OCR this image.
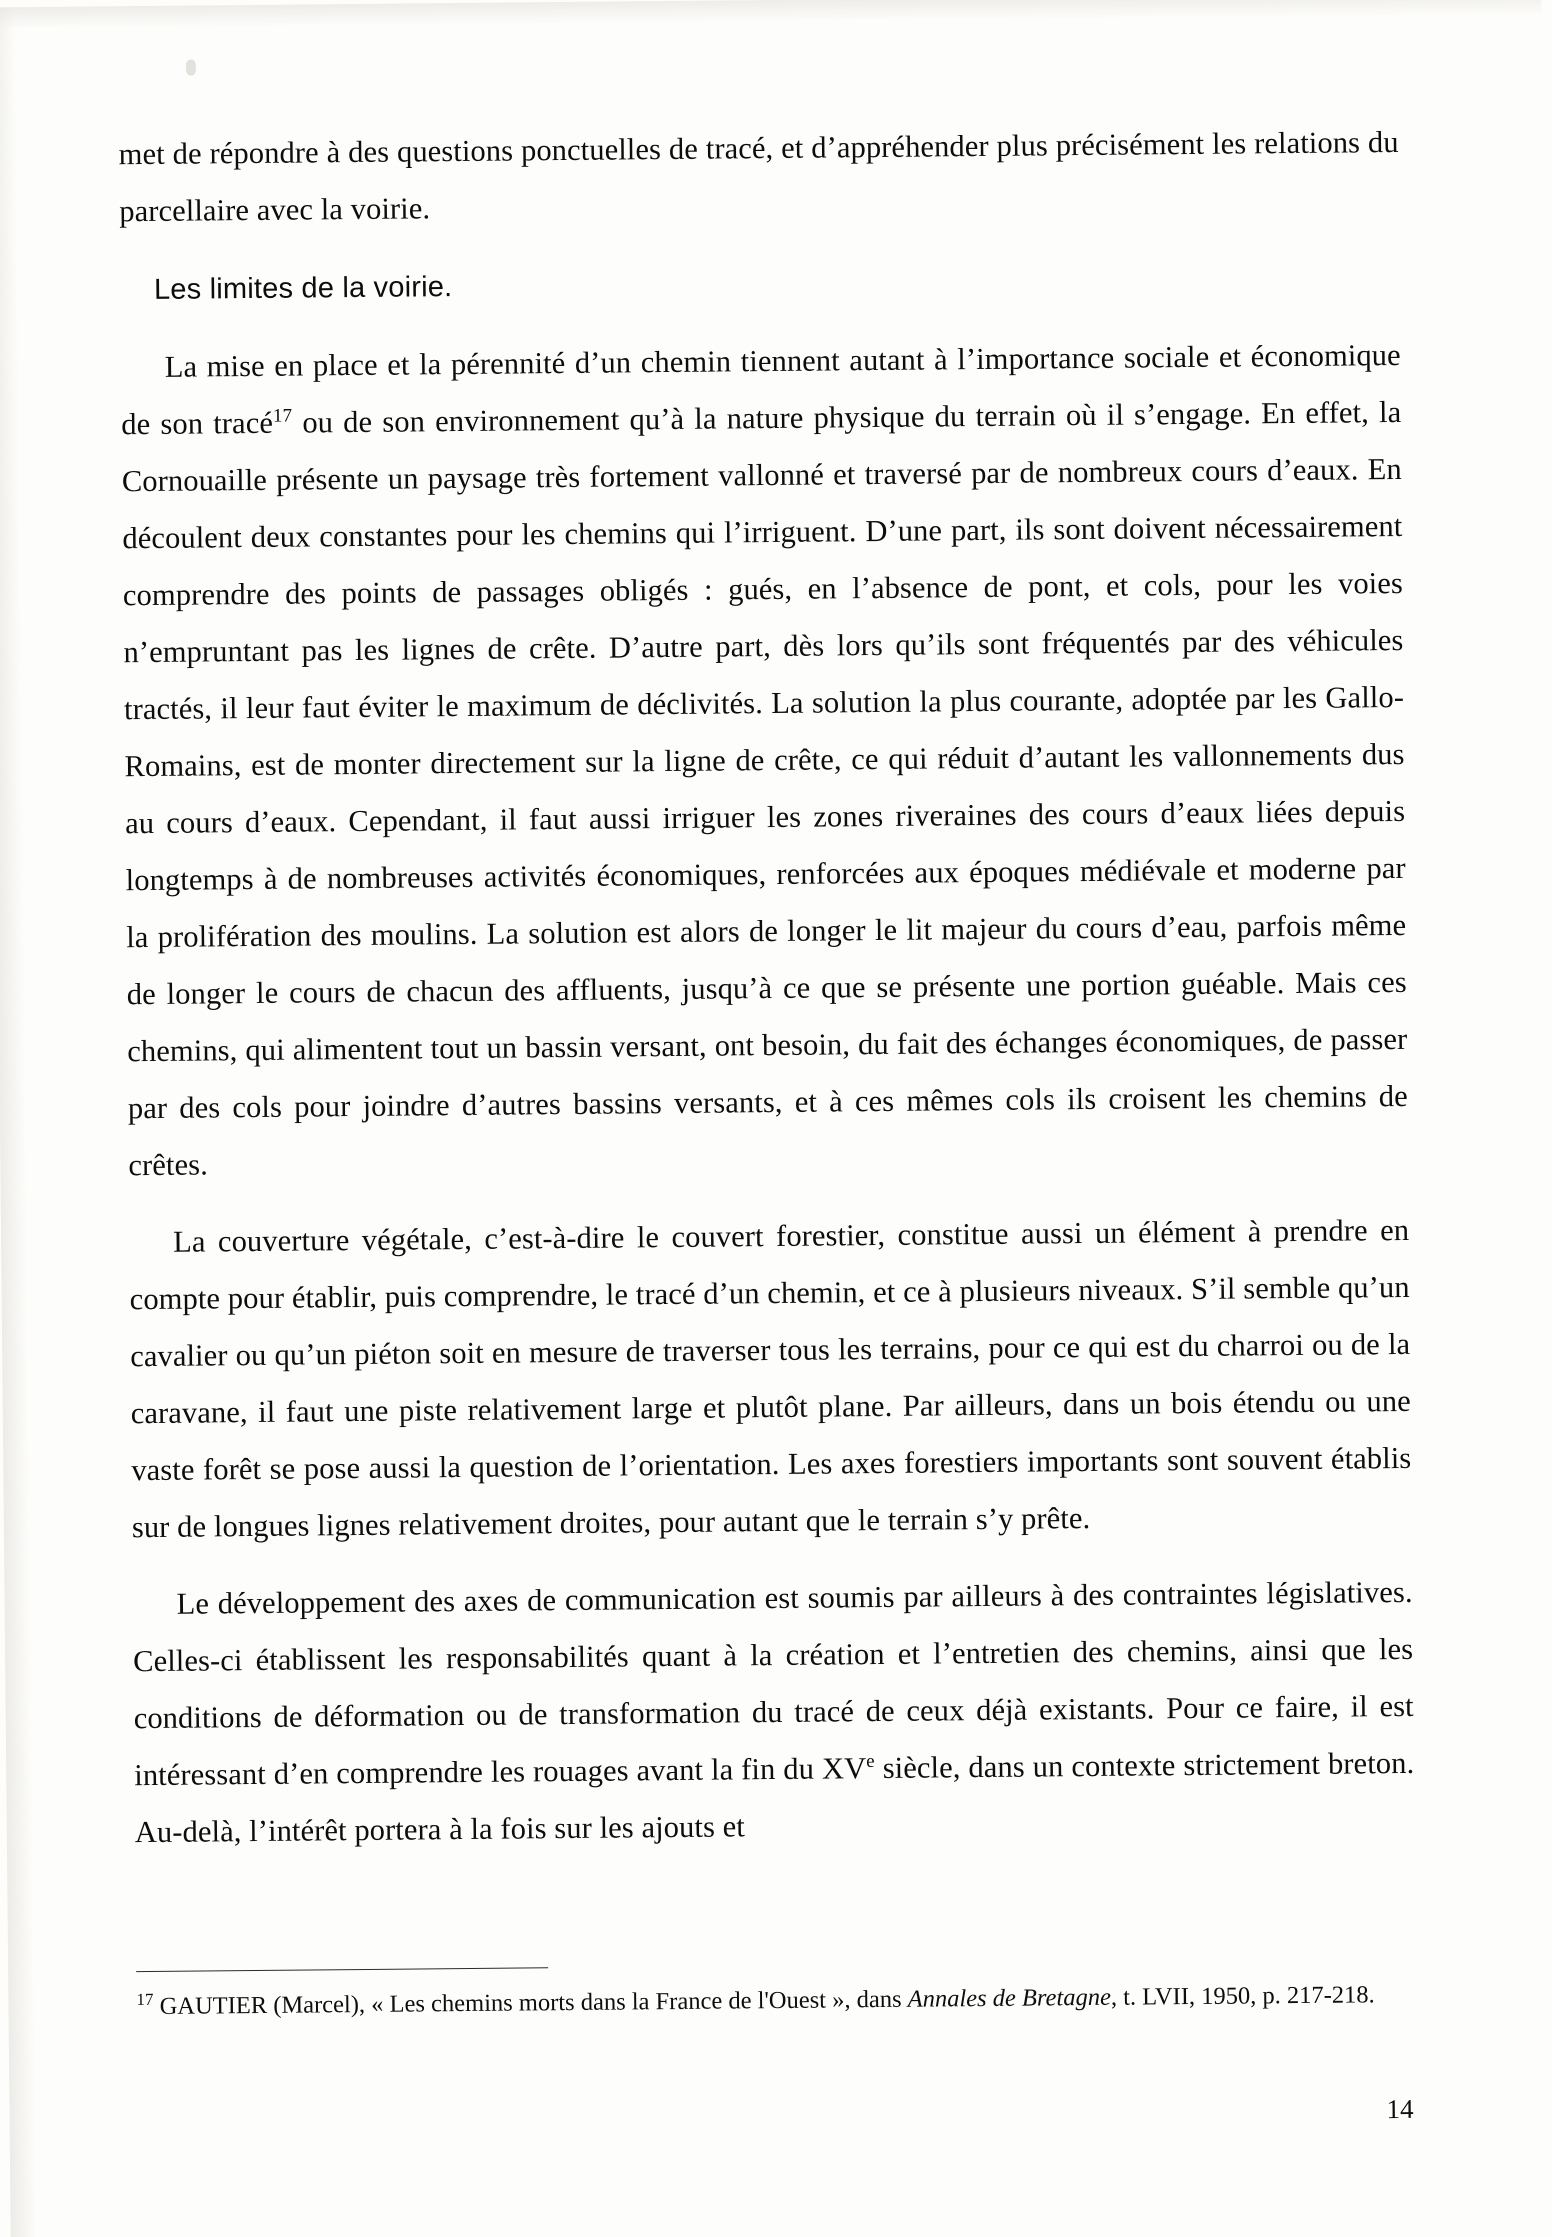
met de répondre à des questions ponctuelles de tracé, et d’appréhender plus précisément les relations du parcellaire avec la voirie.

Les limites de la voirie.

La mise en place et la pérennité d’un chemin tiennent autant à l’importance sociale et économique de son tracé$^{17}$ ou de son environnement qu’à la nature physique du terrain où il s’engage. En effet, la Cornouaille présente un paysage très fortement vallonné et traversé par de nombreux cours d’eaux. En découlent deux constantes pour les chemins qui l’irriguent. D’une part, ils sont doivent nécessairement comprendre des points de passages obligés : gués, en l’absence de pont, et cols, pour les voies n’empruntant pas les lignes de crête. D’autre part, dès lors qu’ils sont fréquentés par des véhicules tractés, il leur faut éviter le maximum de déclivités. La solution la plus courante, adoptée par les Gallo-Romains, est de monter directement sur la ligne de crête, ce qui réduit d’autant les vallonnements dus au cours d’eaux. Cependant, il faut aussi irriguer les zones riveraines des cours d’eaux liées depuis longtemps à de nombreuses activités économiques, renforcées aux époques médiévale et moderne par la prolifération des moulins. La solution est alors de longer le lit majeur du cours d’eau, parfois même de longer le cours de chacun des affluents, jusqu’à ce que se présente une portion guéable. Mais ces chemins, qui alimentent tout un bassin versant, ont besoin, du fait des échanges économiques, de passer par des cols pour joindre d’autres bassins versants, et à ces mêmes cols ils croisent les chemins de crêtes.

La couverture végétale, c’est-à-dire le couvert forestier, constitue aussi un élément à prendre en compte pour établir, puis comprendre, le tracé d’un chemin, et ce à plusieurs niveaux. S’il semble qu’un cavalier ou qu’un piéton soit en mesure de traverser tous les terrains, pour ce qui est du charroi ou de la caravane, il faut une piste relativement large et plutôt plane. Par ailleurs, dans un bois étendu ou une vaste forêt se pose aussi la question de l’orientation. Les axes forestiers importants sont souvent établis sur de longues lignes relativement droites, pour autant que le terrain s’y prête.

Le développement des axes de communication est soumis par ailleurs à des contraintes législatives. Celles-ci établissent les responsabilités quant à la création et l’entretien des chemins, ainsi que les conditions de déformation ou de transformation du tracé de ceux déjà existants. Pour ce faire, il est intéressant d’en comprendre les rouages avant la fin du XVe siècle, dans un contexte strictement breton. Au-delà, l’intérêt portera à la fois sur les ajouts et

$^{17}$ GAUTIER (Marcel), « Les chemins morts dans la France de l'Ouest », dans Annales de Bretagne, t. LVII, 1950, p. 217-218.
14
